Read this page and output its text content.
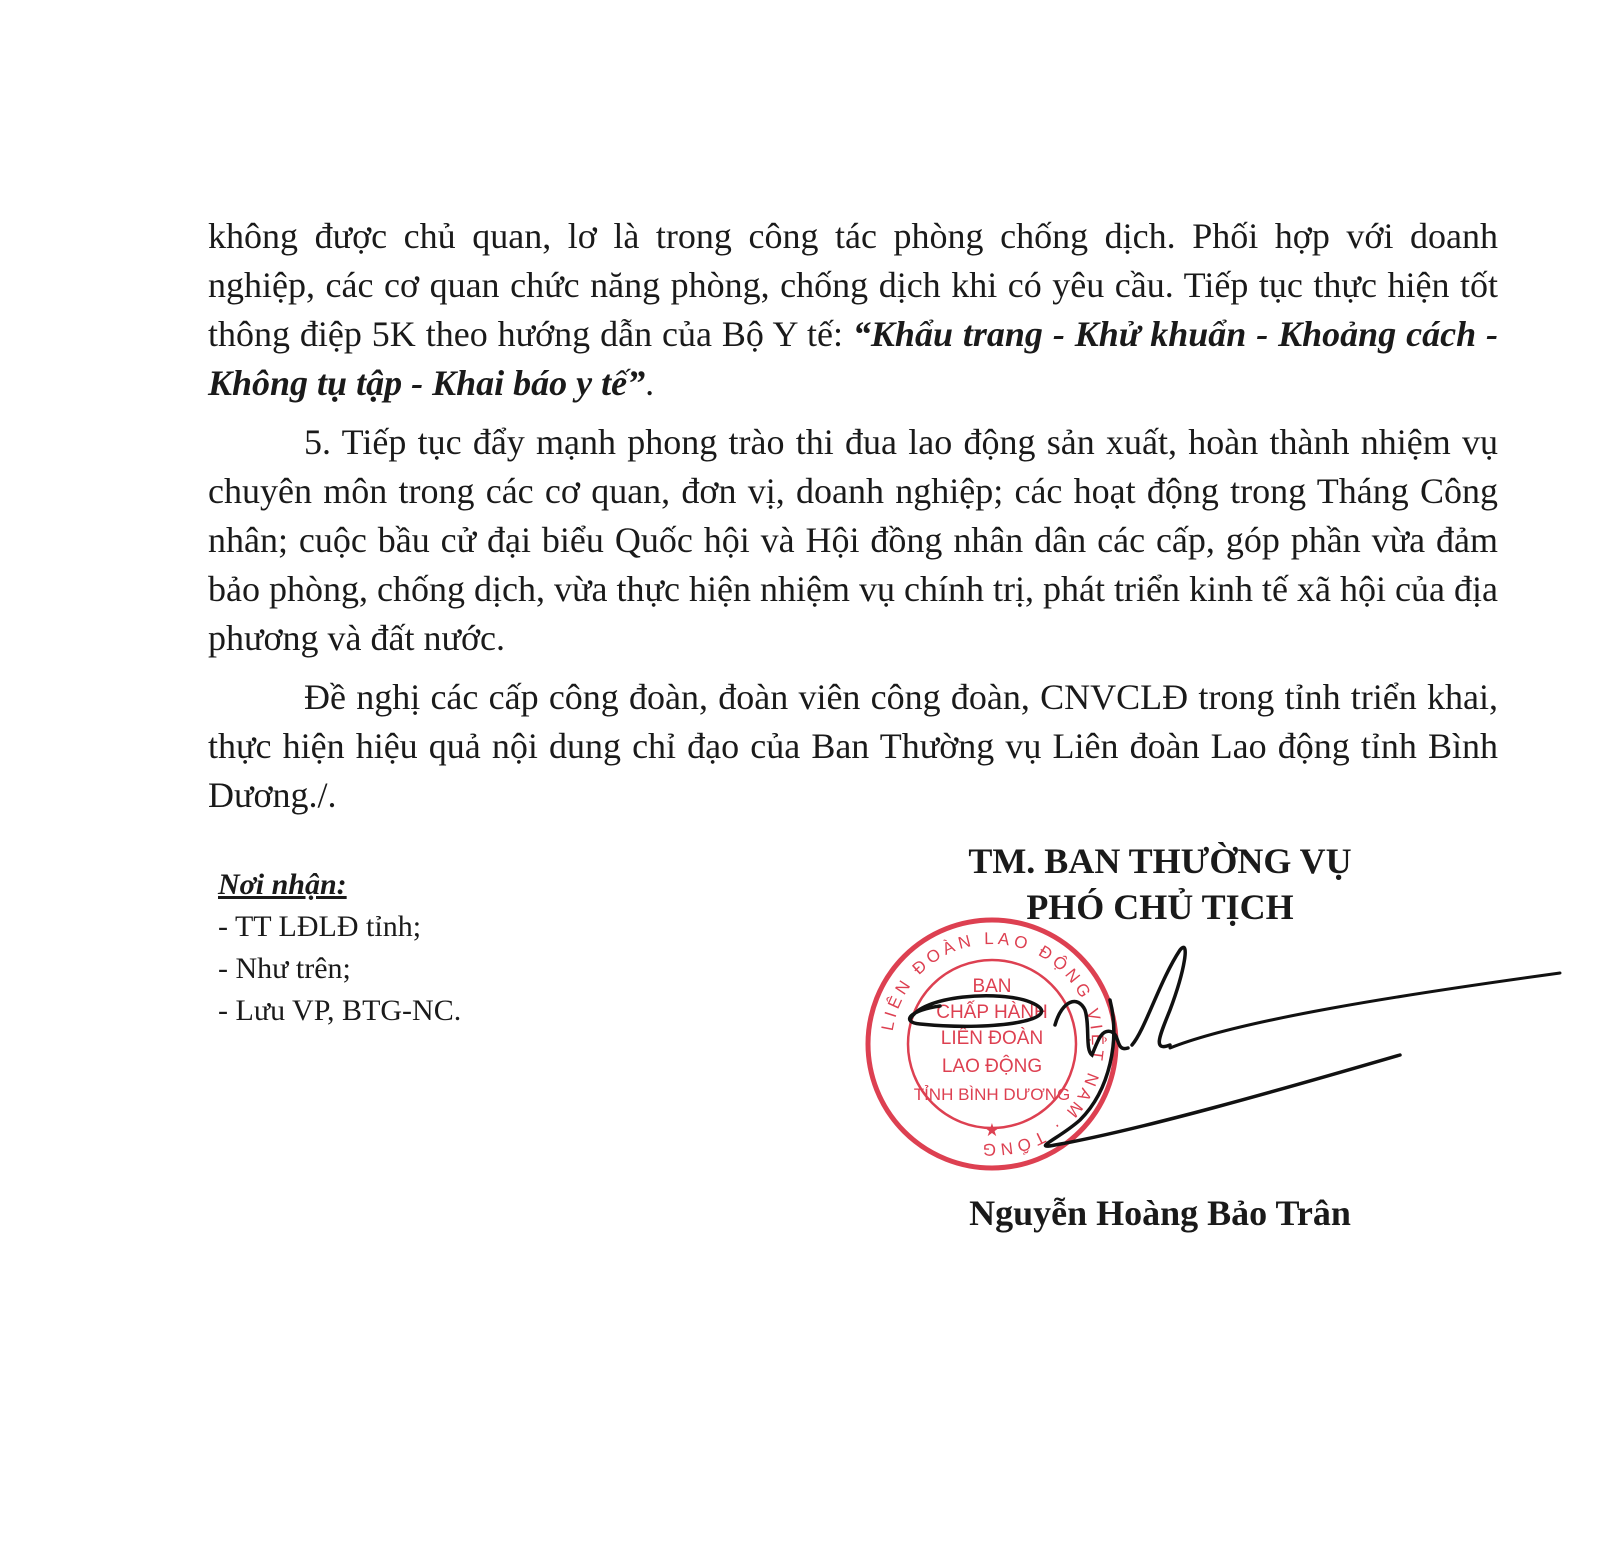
không được chủ quan, lơ là trong công tác phòng chống dịch. Phối hợp với doanh nghiệp, các cơ quan chức năng phòng, chống dịch khi có yêu cầu. Tiếp tục thực hiện tốt thông điệp 5K theo hướng dẫn của Bộ Y tế: “Khẩu trang - Khử khuẩn - Khoảng cách - Không tụ tập - Khai báo y tế”.

5. Tiếp tục đẩy mạnh phong trào thi đua lao động sản xuất, hoàn thành nhiệm vụ chuyên môn trong các cơ quan, đơn vị, doanh nghiệp; các hoạt động trong Tháng Công nhân; cuộc bầu cử đại biểu Quốc hội và Hội đồng nhân dân các cấp, góp phần vừa đảm bảo phòng, chống dịch, vừa thực hiện nhiệm vụ chính trị, phát triển kinh tế xã hội của địa phương và đất nước.

Đề nghị các cấp công đoàn, đoàn viên công đoàn, CNVCLĐ trong tỉnh triển khai, thực hiện hiệu quả nội dung chỉ đạo của Ban Thường vụ Liên đoàn Lao động tỉnh Bình Dương./.

Nơi nhận:
- TT LĐLĐ tỉnh;
- Như trên;
- Lưu VP, BTG-NC.
TM. BAN THƯỜNG VỤ
PHÓ CHỦ TỊCH
LIÊN ĐOÀN LAO ĐỘNG VIỆT NAM · TỔNG
BAN
CHẤP HÀNH
LIÊN ĐOÀN
LAO ĐỘNG
TỈNH BÌNH DƯƠNG
★
Nguyễn Hoàng Bảo Trân
